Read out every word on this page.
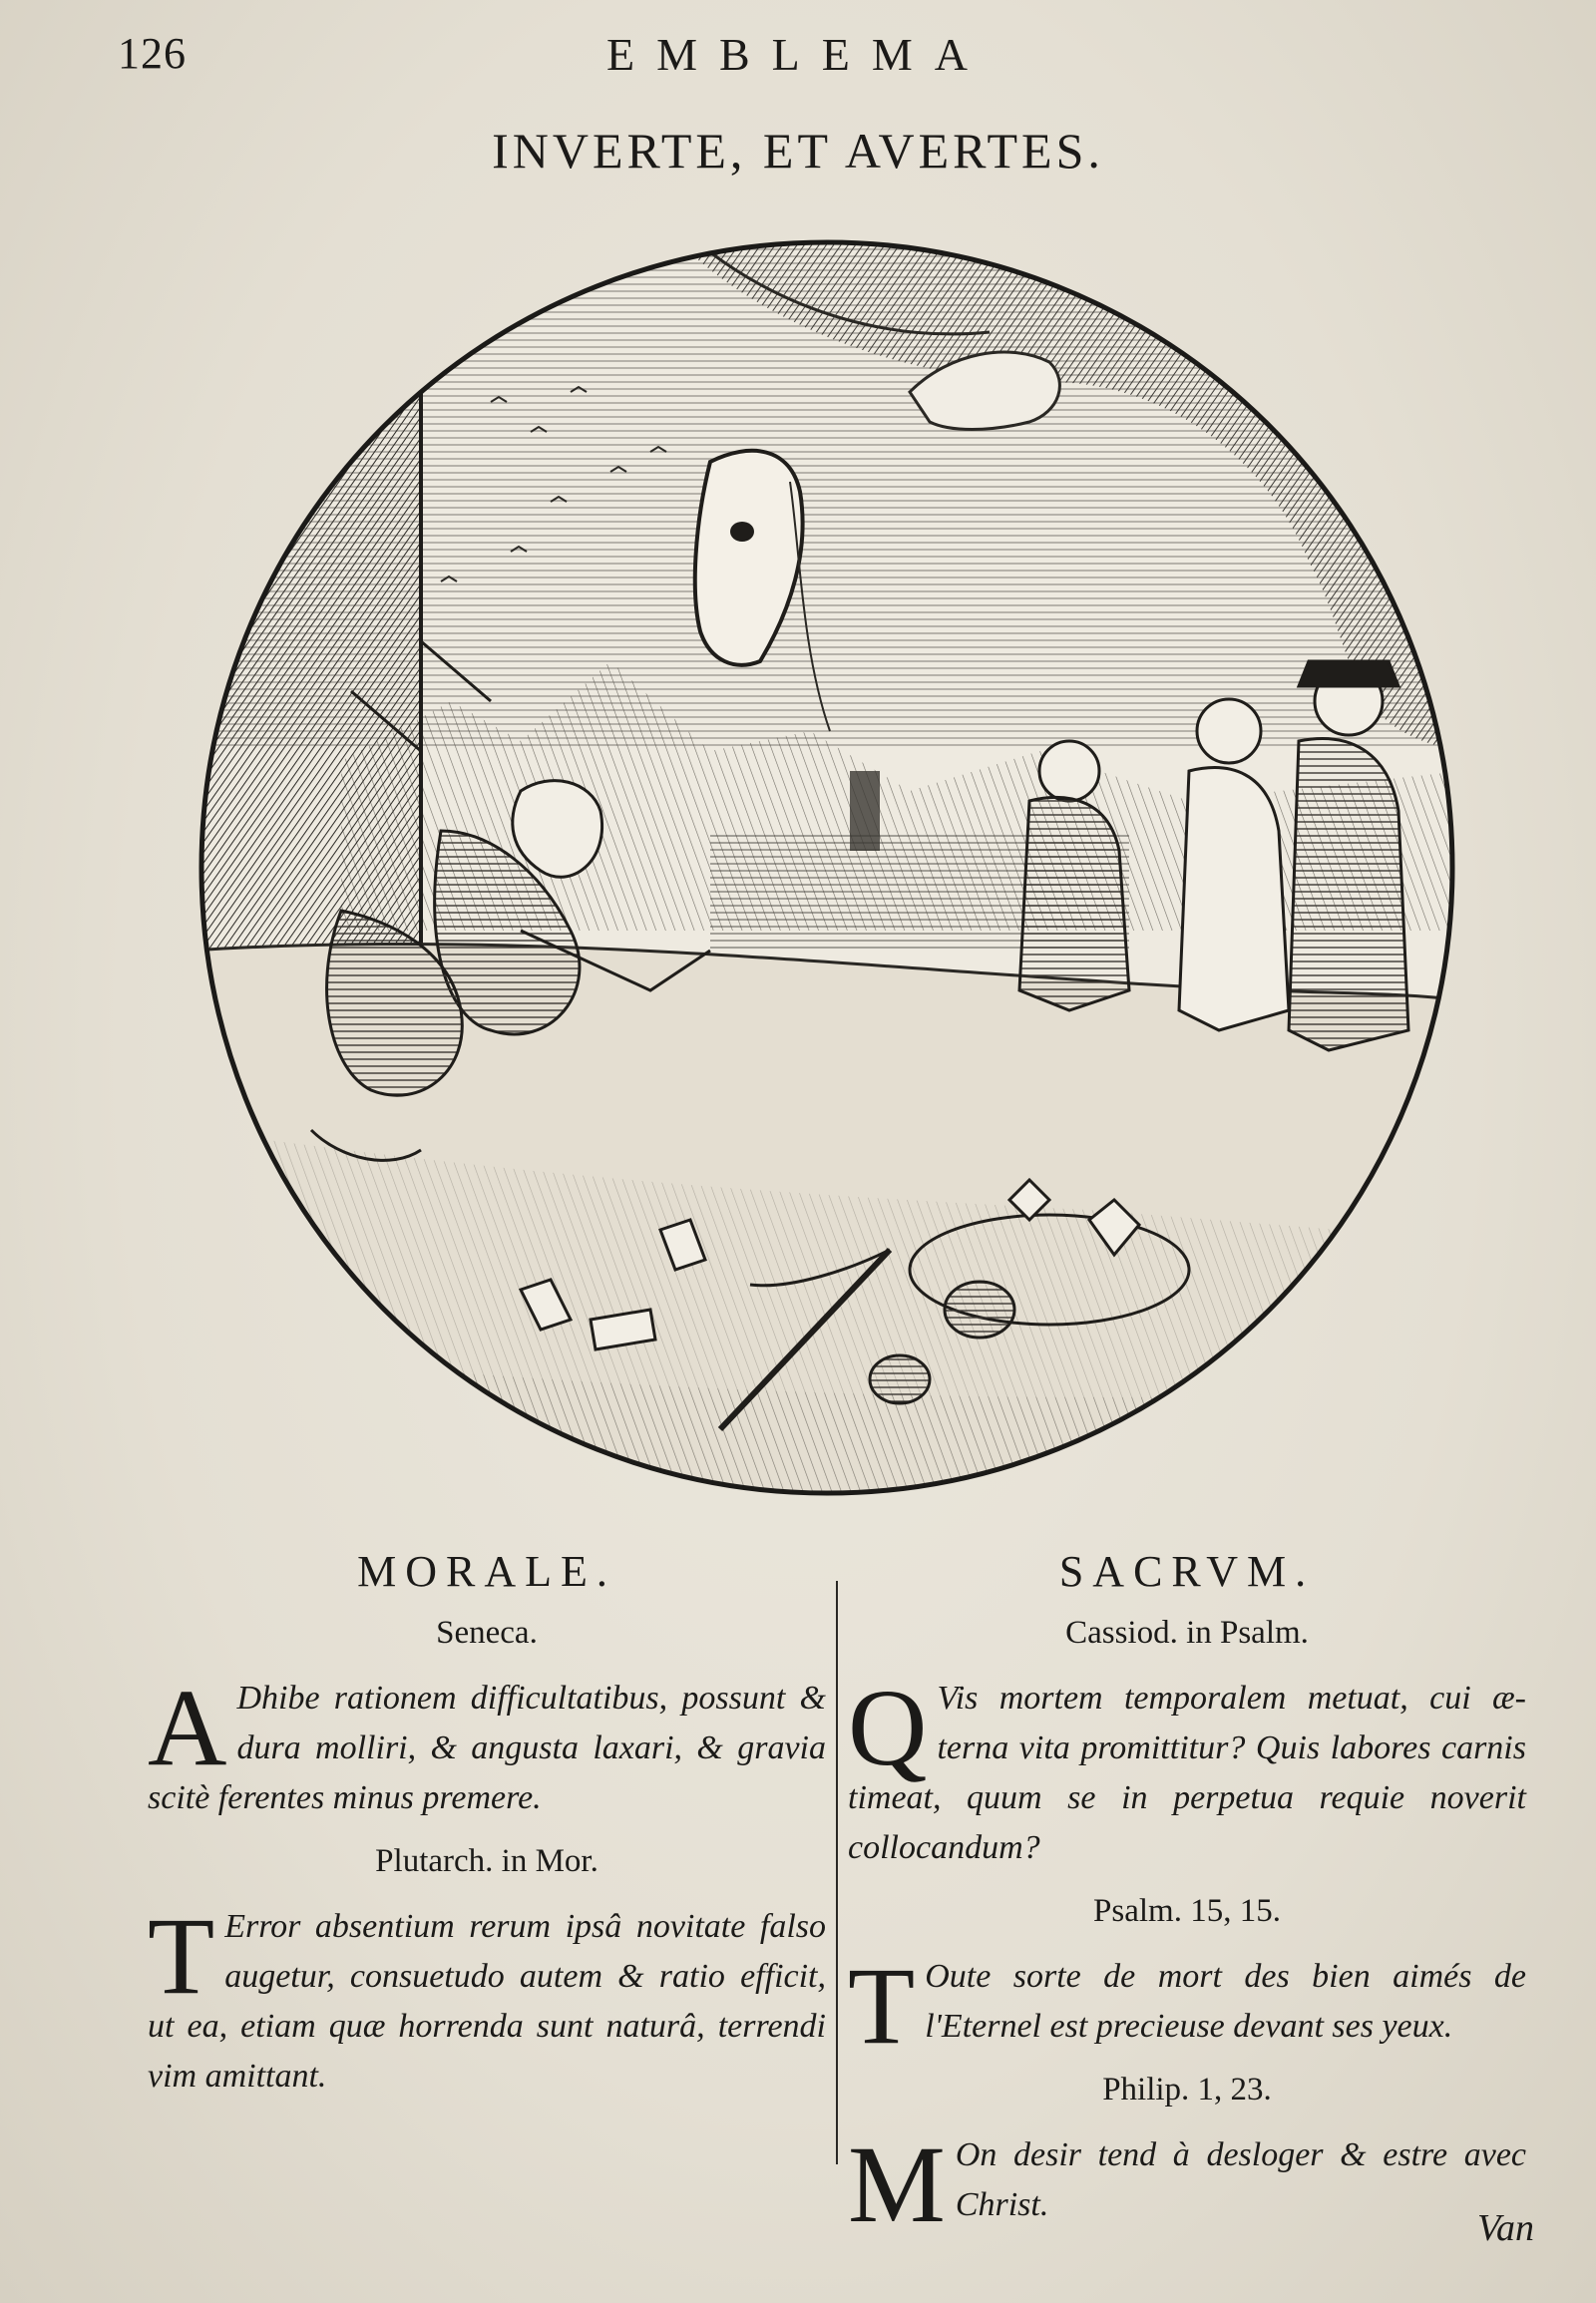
126	EMBLEMA
INVERTE, ET AVERTES.
MORALE.
Seneca.

A Dhibe rationem difficultatibus, possunt & dura molliri, & angusta laxari, & gravia scitè ferentes minus premere.

Plutarch. in Mor.

T Error absentium rerum ipsâ novitate falso augetur, consuetudo autem & ratio efficit, ut ea, etiam quæ horrenda sunt naturâ, terrendi vim amittant.

SACRVM.
Cassiod. in Psalm.

Q Vis mortem temporalem metuat, cui æ- terna vita promittitur? Quis labores carnis timeat, quum se in perpetua requie noverit collocandum?

Psalm. 15, 15.

T Oute sorte de mort des bien aimés de l'Eternel est precieuse devant ses yeux.

Philip. 1, 23.

M On desir tend à desloger & estre avec Christ.

Van
